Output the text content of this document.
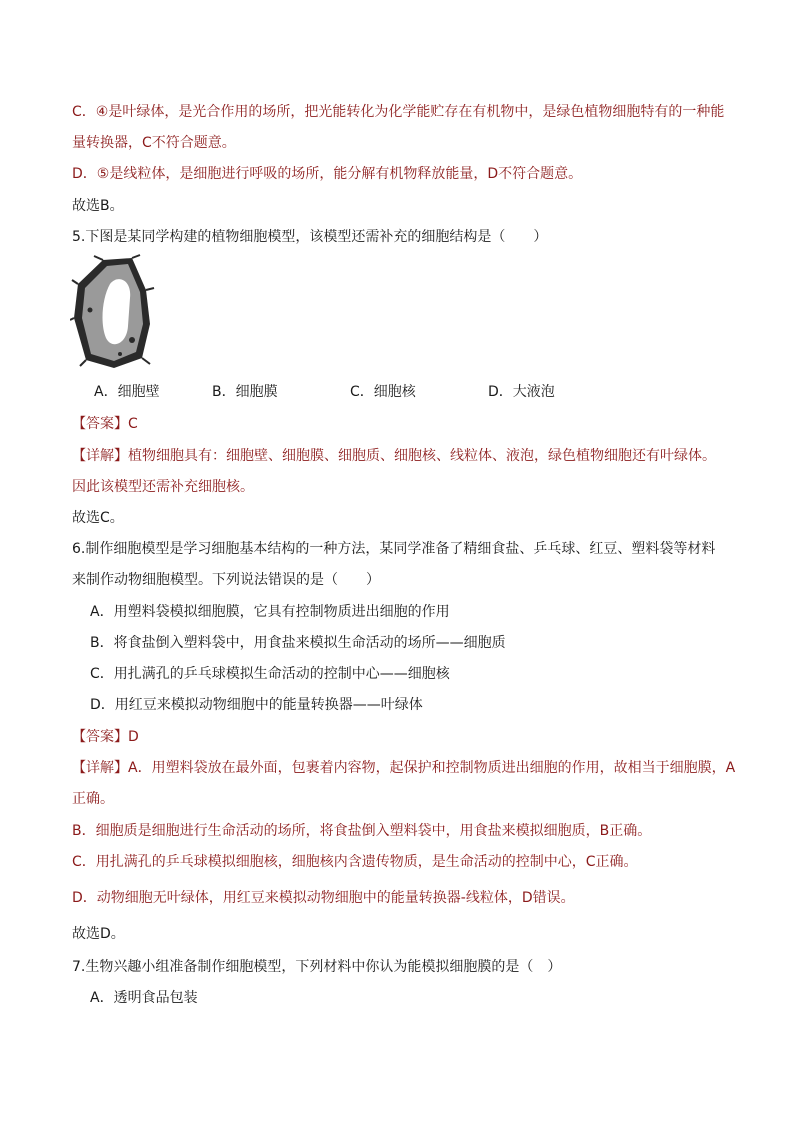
C．④是叶绿体，是光合作用的场所，把光能转化为化学能贮存在有机物中，是绿色植物细胞特有的一种能
量转换器，C不符合题意。
D．⑤是线粒体，是细胞进行呼吸的场所，能分解有机物释放能量，D不符合题意。
故选B。
5.下图是某同学构建的植物细胞模型，该模型还需补充的细胞结构是（　　）
A．细胞壁	B．细胞膜	C．细胞核	D．大液泡
【答案】C
【详解】植物细胞具有：细胞壁、细胞膜、细胞质、细胞核、线粒体、液泡，绿色植物细胞还有叶绿体。
因此该模型还需补充细胞核。
故选C。
6.制作细胞模型是学习细胞基本结构的一种方法，某同学准备了精细食盐、乒乓球、红豆、塑料袋等材料
来制作动物细胞模型。下列说法错误的是（　　）
A．用塑料袋模拟细胞膜，它具有控制物质进出细胞的作用
B．将食盐倒入塑料袋中，用食盐来模拟生命活动的场所——细胞质
C．用扎满孔的乒乓球模拟生命活动的控制中心——细胞核
D．用红豆来模拟动物细胞中的能量转换器——叶绿体
【答案】D
【详解】A．用塑料袋放在最外面，包裹着内容物，起保护和控制物质进出细胞的作用，故相当于细胞膜，A
正确。
B．细胞质是细胞进行生命活动的场所，将食盐倒入塑料袋中，用食盐来模拟细胞质，B正确。
C．用扎满孔的乒乓球模拟细胞核，细胞核内含遗传物质，是生命活动的控制中心，C正确。
D．动物细胞无叶绿体，用红豆来模拟动物细胞中的能量转换器-线粒体，D错误。
故选D。
7.生物兴趣小组准备制作细胞模型，下列材料中你认为能模拟细胞膜的是（　）
A．透明食品包装
